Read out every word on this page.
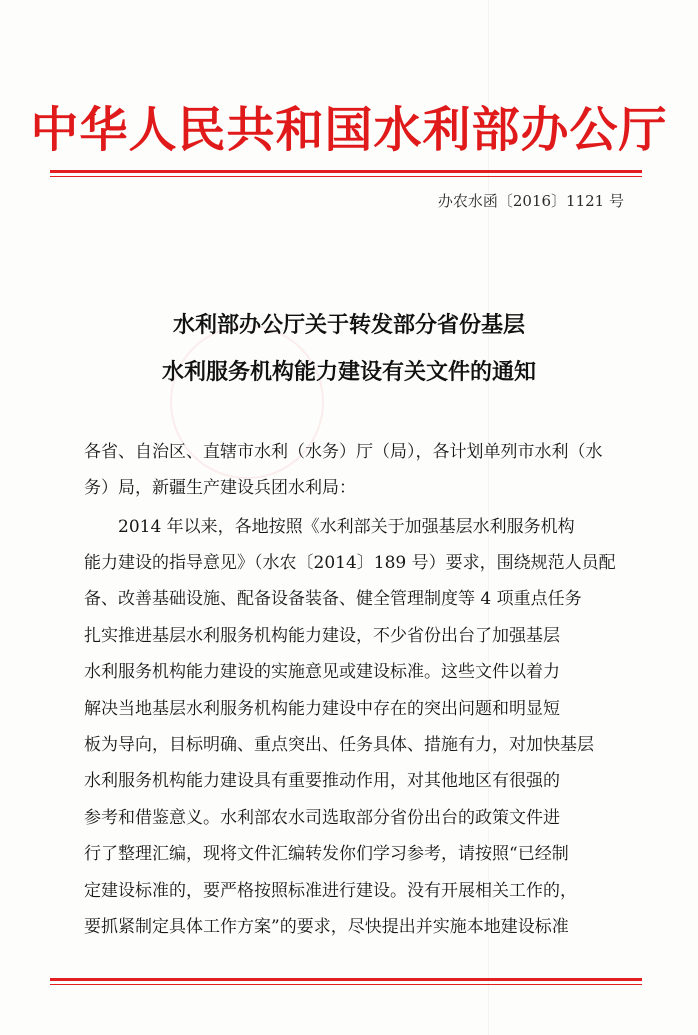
中华人民共和国水利部办公厅
办农水函〔2016〕1121 号
水利部办公厅关于转发部分省份基层
水利服务机构能力建设有关文件的通知
各省、自治区、直辖市水利（水务）厅（局），各计划单列市水利（水
务）局，新疆生产建设兵团水利局：
　　2014 年以来，各地按照《水利部关于加强基层水利服务机构
能力建设的指导意见》（水农〔2014〕189 号）要求，围绕规范人员配
备、改善基础设施、配备设备装备、健全管理制度等 4 项重点任务
扎实推进基层水利服务机构能力建设，不少省份出台了加强基层
水利服务机构能力建设的实施意见或建设标准。这些文件以着力
解决当地基层水利服务机构能力建设中存在的突出问题和明显短
板为导向，目标明确、重点突出、任务具体、措施有力，对加快基层
水利服务机构能力建设具有重要推动作用，对其他地区有很强的
参考和借鉴意义。水利部农水司选取部分省份出台的政策文件进
行了整理汇编，现将文件汇编转发你们学习参考，请按照“已经制
定建设标准的，要严格按照标准进行建设。没有开展相关工作的，
要抓紧制定具体工作方案”的要求，尽快提出并实施本地建设标准
